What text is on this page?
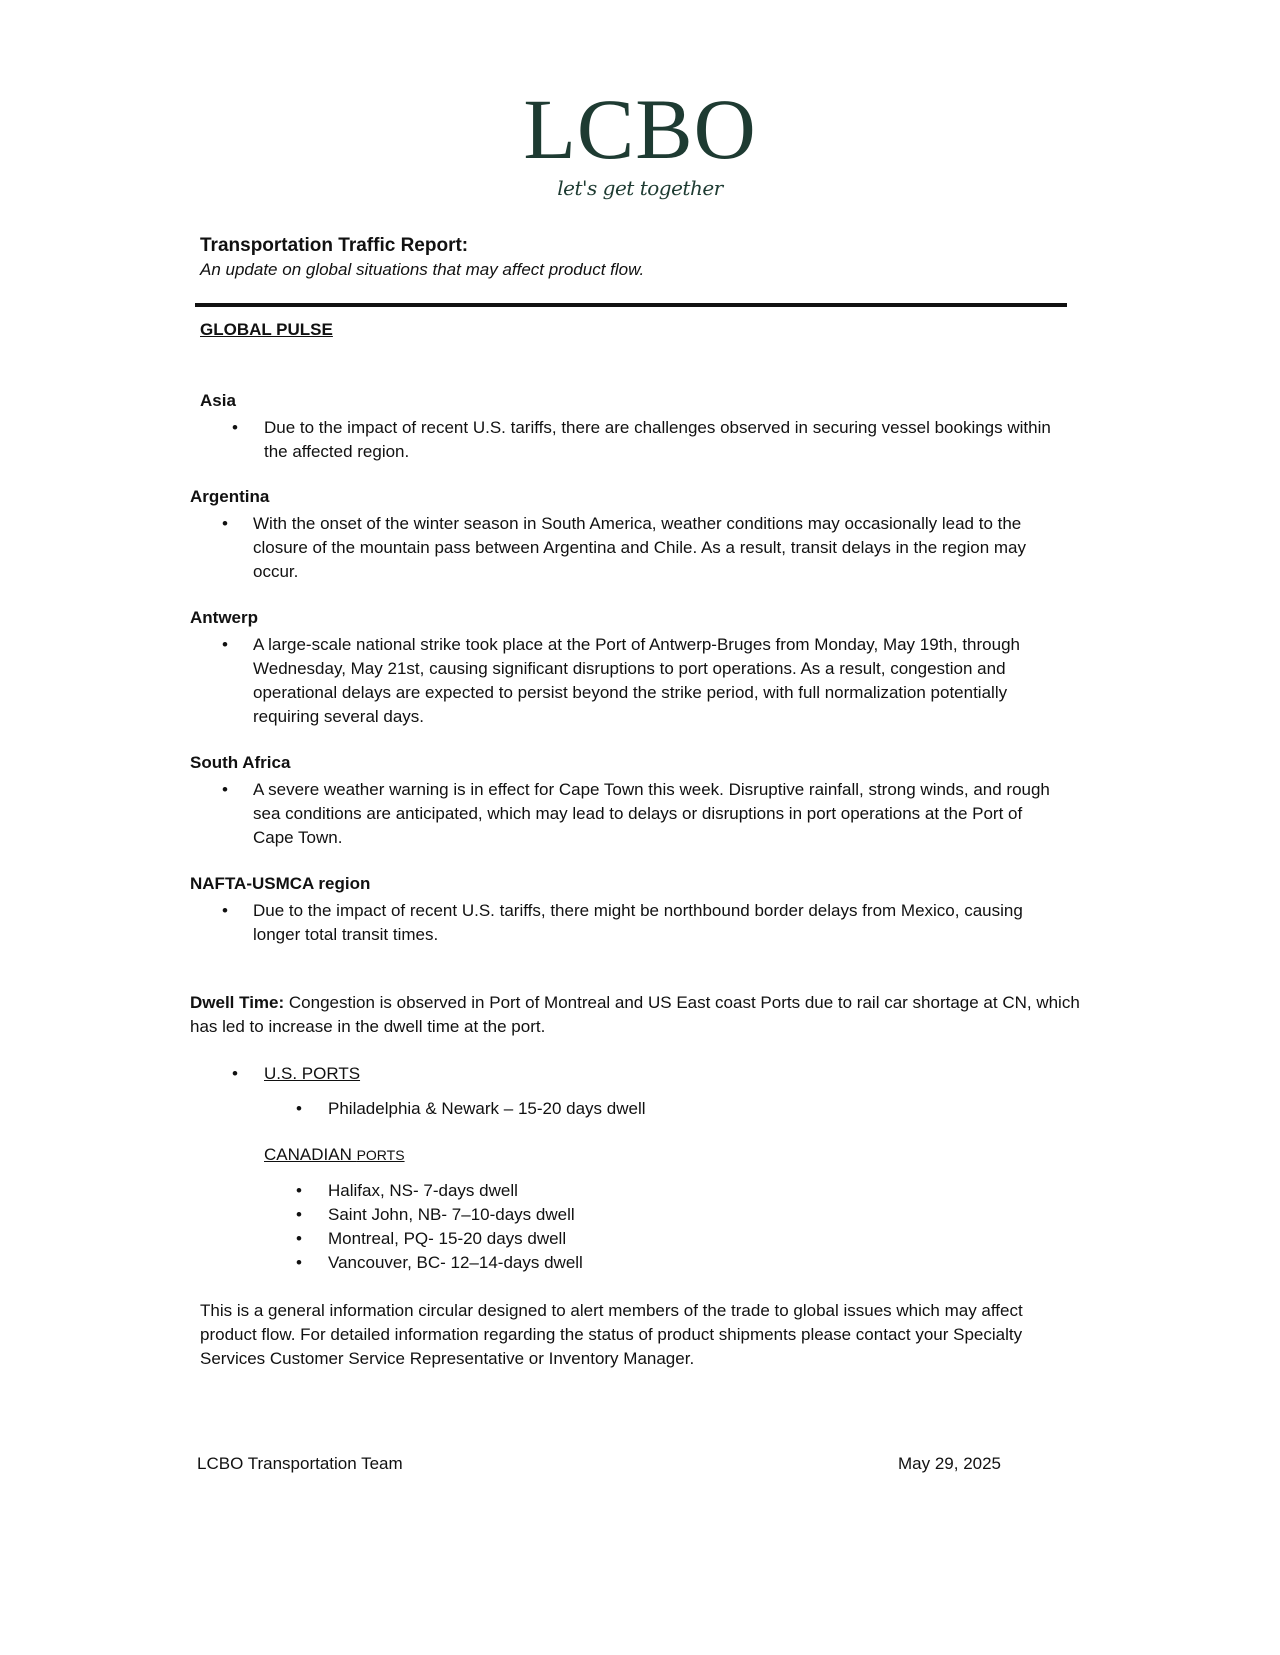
LCBO
let's get together
Transportation Traffic Report:
An update on global situations that may affect product flow.
GLOBAL PULSE
Asia
• Due to the impact of recent U.S. tariffs, there are challenges observed in securing vessel bookings within
the affected region.
Argentina
• With the onset of the winter season in South America, weather conditions may occasionally lead to the
closure of the mountain pass between Argentina and Chile. As a result, transit delays in the region may
occur.
Antwerp
• A large-scale national strike took place at the Port of Antwerp-Bruges from Monday, May 19th, through
Wednesday, May 21st, causing significant disruptions to port operations. As a result, congestion and
operational delays are expected to persist beyond the strike period, with full normalization potentially
requiring several days.
South Africa
• A severe weather warning is in effect for Cape Town this week. Disruptive rainfall, strong winds, and rough
sea conditions are anticipated, which may lead to delays or disruptions in port operations at the Port of
Cape Town.
NAFTA-USMCA region
• Due to the impact of recent U.S. tariffs, there might be northbound border delays from Mexico, causing
longer total transit times.
Dwell Time: Congestion is observed in Port of Montreal and US East coast Ports due to rail car shortage at CN, which
has led to increase in the dwell time at the port.
• U.S. PORTS
• Philadelphia & Newark – 15-20 days dwell
CANADIAN PORTS
• Halifax, NS- 7-days dwell
• Saint John, NB- 7–10-days dwell
• Montreal, PQ- 15-20 days dwell
• Vancouver, BC- 12–14-days dwell
This is a general information circular designed to alert members of the trade to global issues which may affect
product flow. For detailed information regarding the status of product shipments please contact your Specialty
Services Customer Service Representative or Inventory Manager.
LCBO Transportation Team	May 29, 2025
